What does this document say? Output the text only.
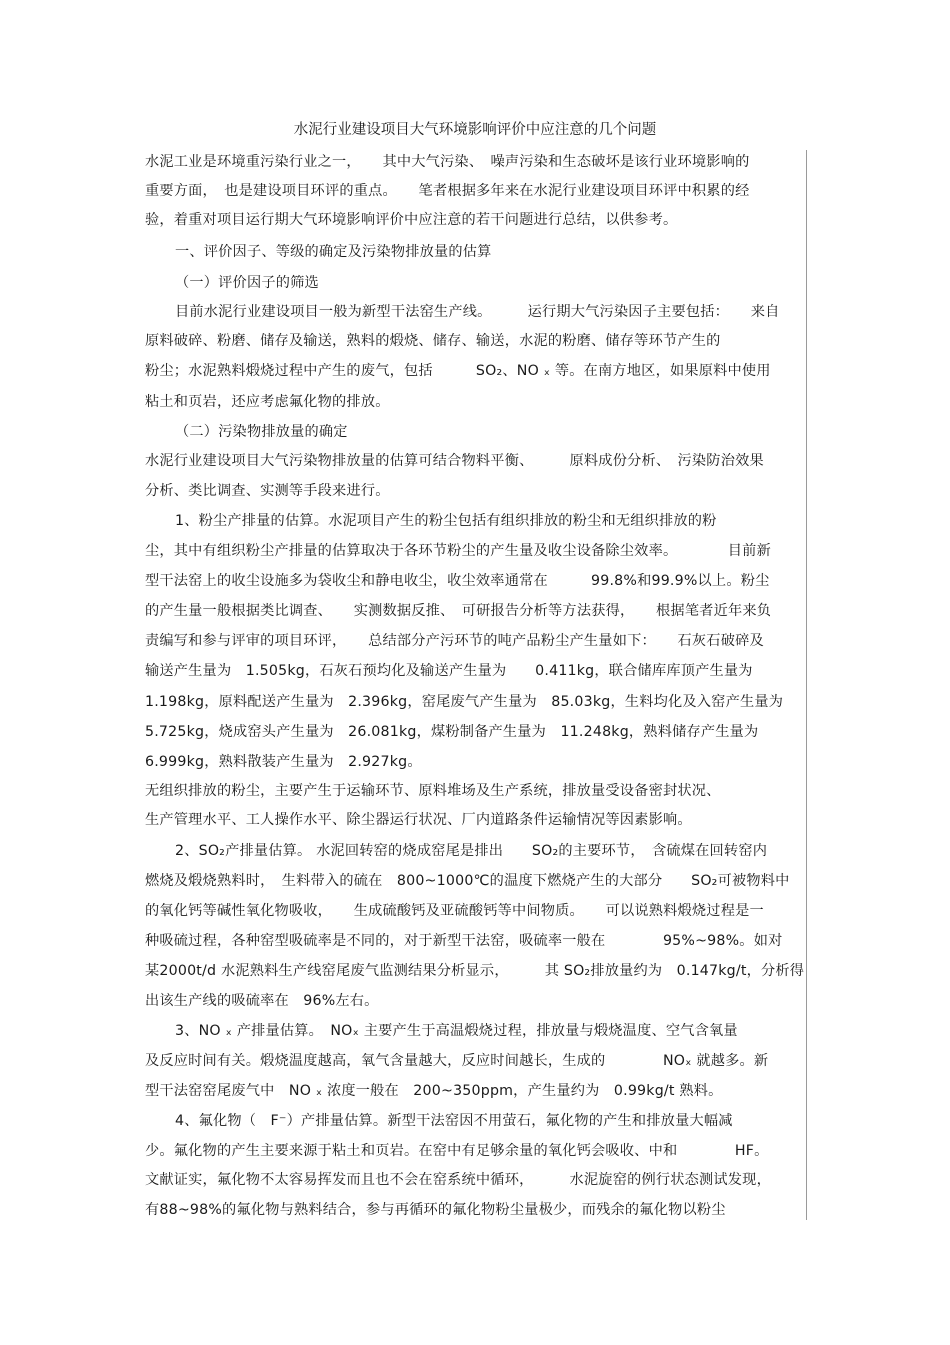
水泥行业建设项目大气环境影响评价中应注意的几个问题
水泥工业是环境重污染行业之一，　　其中大气污染、　噪声污染和生态破坏是该行业环境影响的
重要方面，　也是建设项目环评的重点。　　笔者根据多年来在水泥行业建设项目环评中积累的经
验，着重对项目运行期大气环境影响评价中应注意的若干问题进行总结，以供参考。
一、评价因子、等级的确定及污染物排放量的估算
（一）评价因子的筛选
目前水泥行业建设项目一般为新型干法窑生产线。　　　运行期大气污染因子主要包括：　　来自
原料破碎、粉磨、储存及输送，熟料的煅烧、储存、输送，水泥的粉磨、储存等环节产生的
粉尘；水泥熟料煅烧过程中产生的废气，包括　　　SO₂、NO ₓ 等。在南方地区，如果原料中使用
粘土和页岩，还应考虑氟化物的排放。
（二）污染物排放量的确定
水泥行业建设项目大气污染物排放量的估算可结合物料平衡、　　　原料成份分析、　污染防治效果
分析、类比调查、实测等手段来进行。
1、粉尘产排量的估算。水泥项目产生的粉尘包括有组织排放的粉尘和无组织排放的粉
尘，其中有组织粉尘产排量的估算取决于各环节粉尘的产生量及收尘设备除尘效率。　　　　目前新
型干法窑上的收尘设施多为袋收尘和静电收尘，收尘效率通常在　　　99.8%和99.9%以上。粉尘
的产生量一般根据类比调查、　　实测数据反推、　可研报告分析等方法获得，　　根据笔者近年来负
责编写和参与评审的项目环评，　　总结部分产污环节的吨产品粉尘产生量如下：　　石灰石破碎及
输送产生量为　1.505kg，石灰石预均化及输送产生量为　　0.411kg，联合储库库顶产生量为
1.198kg，原料配送产生量为　2.396kg，窑尾废气产生量为　85.03kg，生料均化及入窑产生量为
5.725kg，烧成窑头产生量为　26.081kg，煤粉制备产生量为　11.248kg，熟料储存产生量为
6.999kg，熟料散装产生量为　2.927kg。
无组织排放的粉尘，主要产生于运输环节、原料堆场及生产系统，排放量受设备密封状况、
生产管理水平、工人操作水平、除尘器运行状况、厂内道路条件运输情况等因素影响。
2、SO₂产排量估算。 水泥回转窑的烧成窑尾是排出　　SO₂的主要环节，　含硫煤在回转窑内
燃烧及煅烧熟料时，　生料带入的硫在　800~1000℃的温度下燃烧产生的大部分　　SO₂可被物料中
的氧化钙等碱性氧化物吸收，　　生成硫酸钙及亚硫酸钙等中间物质。　　可以说熟料煅烧过程是一
种吸硫过程，各种窑型吸硫率是不同的，对于新型干法窑，吸硫率一般在　　　　95%~98%。如对
某2000t/d 水泥熟料生产线窑尾废气监测结果分析显示，　　　其 SO₂排放量约为　0.147kg/t，分析得
出该生产线的吸硫率在　96%左右。
3、NO ₓ 产排量估算。　NOₓ 主要产生于高温煅烧过程，排放量与煅烧温度、空气含氧量
及反应时间有关。煅烧温度越高，氧气含量越大，反应时间越长，生成的　　　　NOₓ 就越多。新
型干法窑窑尾废气中　NO ₓ 浓度一般在　200~350ppm，产生量约为　0.99kg/t 熟料。
4、氟化物（　F⁻）产排量估算。新型干法窑因不用萤石，氟化物的产生和排放量大幅减
少。氟化物的产生主要来源于粘土和页岩。在窑中有足够余量的氧化钙会吸收、中和　　　　HF。
文献证实，氟化物不太容易挥发而且也不会在窑系统中循环，　　　水泥旋窑的例行状态测试发现，
有88~98%的氟化物与熟料结合，参与再循环的氟化物粉尘量极少，而残余的氟化物以粉尘
